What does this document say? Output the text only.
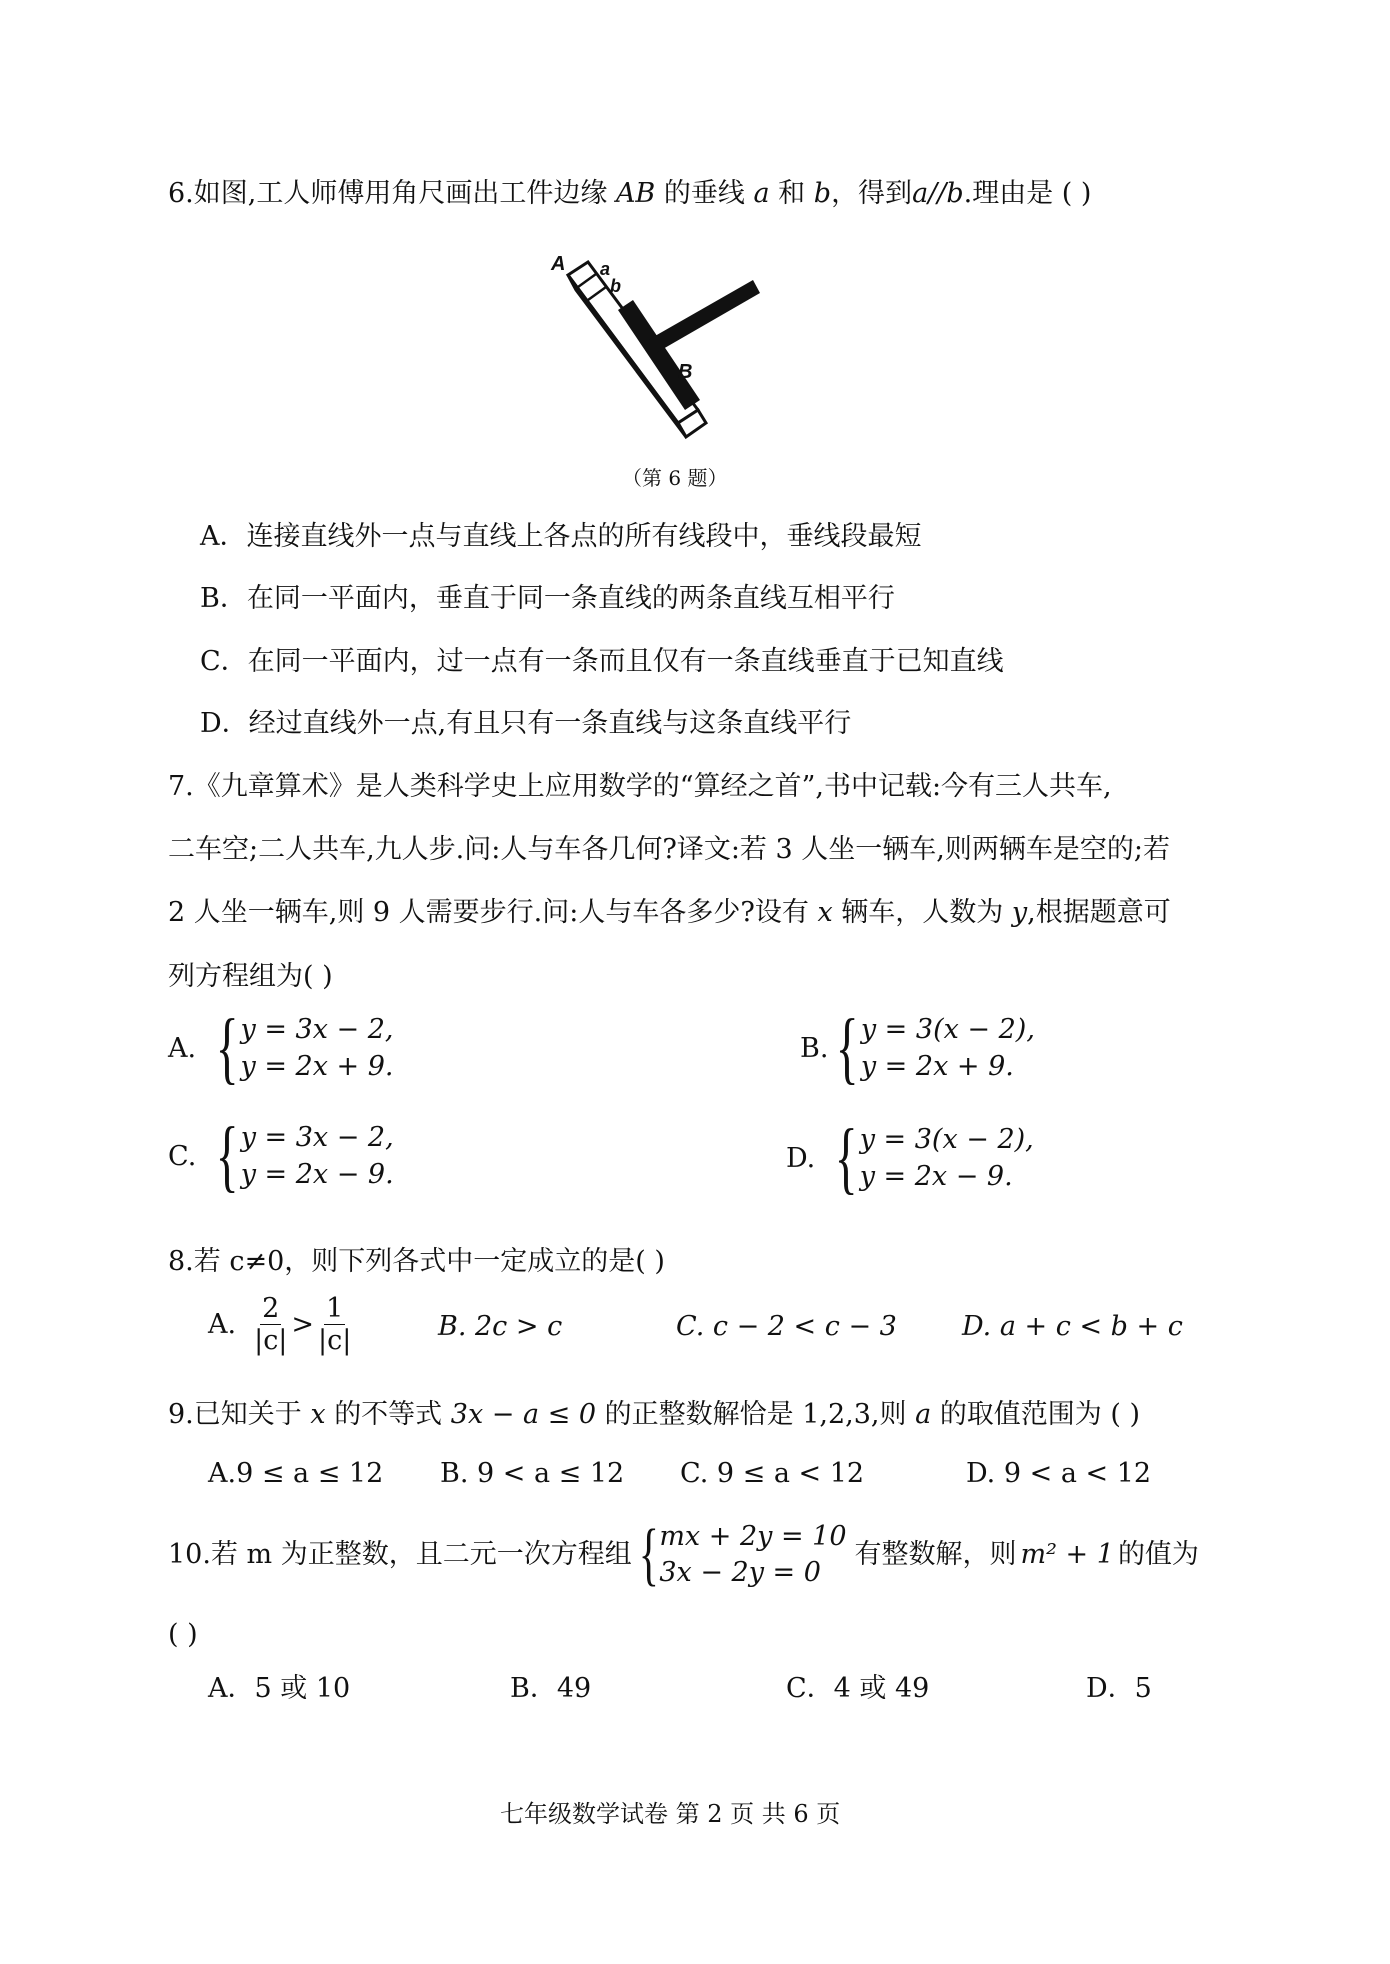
6.如图,工人师傅用角尺画出工件边缘 AB 的垂线 a 和 b，得到a//b.理由是 ( )
A a
b
B
（第 6 题）
A．连接直线外一点与直线上各点的所有线段中，垂线段最短
B．在同一平面内，垂直于同一条直线的两条直线互相平行
C．在同一平面内，过一点有一条而且仅有一条直线垂直于已知直线
D．经过直线外一点,有且只有一条直线与这条直线平行
7.《九章算术》是人类科学史上应用数学的“算经之首”,书中记载:今有三人共车,
二车空;二人共车,九人步.问:人与车各几何?译文:若 3 人坐一辆车,则两辆车是空的;若
2 人坐一辆车,则 9 人需要步行.问:人与车各多少?设有 x 辆车，人数为 y,根据题意可
列方程组为( )
A. { y = 3x − 2,
y = 2x + 9.
B. { y = 3(x − 2),
y = 2x + 9.
C. { y = 3x − 2,
y = 2x − 9.
D. { y = 3(x − 2),
y = 2x − 9.
8.若 c≠0，则下列各式中一定成立的是( )
A. $\frac{2}{|c|} > \frac{1}{|c|}$	B. 2c > c	C. c − 2 < c − 3 D. a + c < b + c
9.已知关于 x 的不等式 3x − a ≤ 0 的正整数解恰是 1,2,3,则 a 的取值范围为 ( )
A.9 ≤ a ≤ 12 B. 9 < a ≤ 12 C. 9 ≤ a < 12	D. 9 < a < 12
10.若 m 为正整数，且二元一次方程组 { mx + 2y = 10
3x − 2y = 0
有整数解，则 m² + 1 的值为
( )
A．5 或 10	B．49	C．4 或 49	D．5
七年级数学试卷 第 2 页 共 6 页
